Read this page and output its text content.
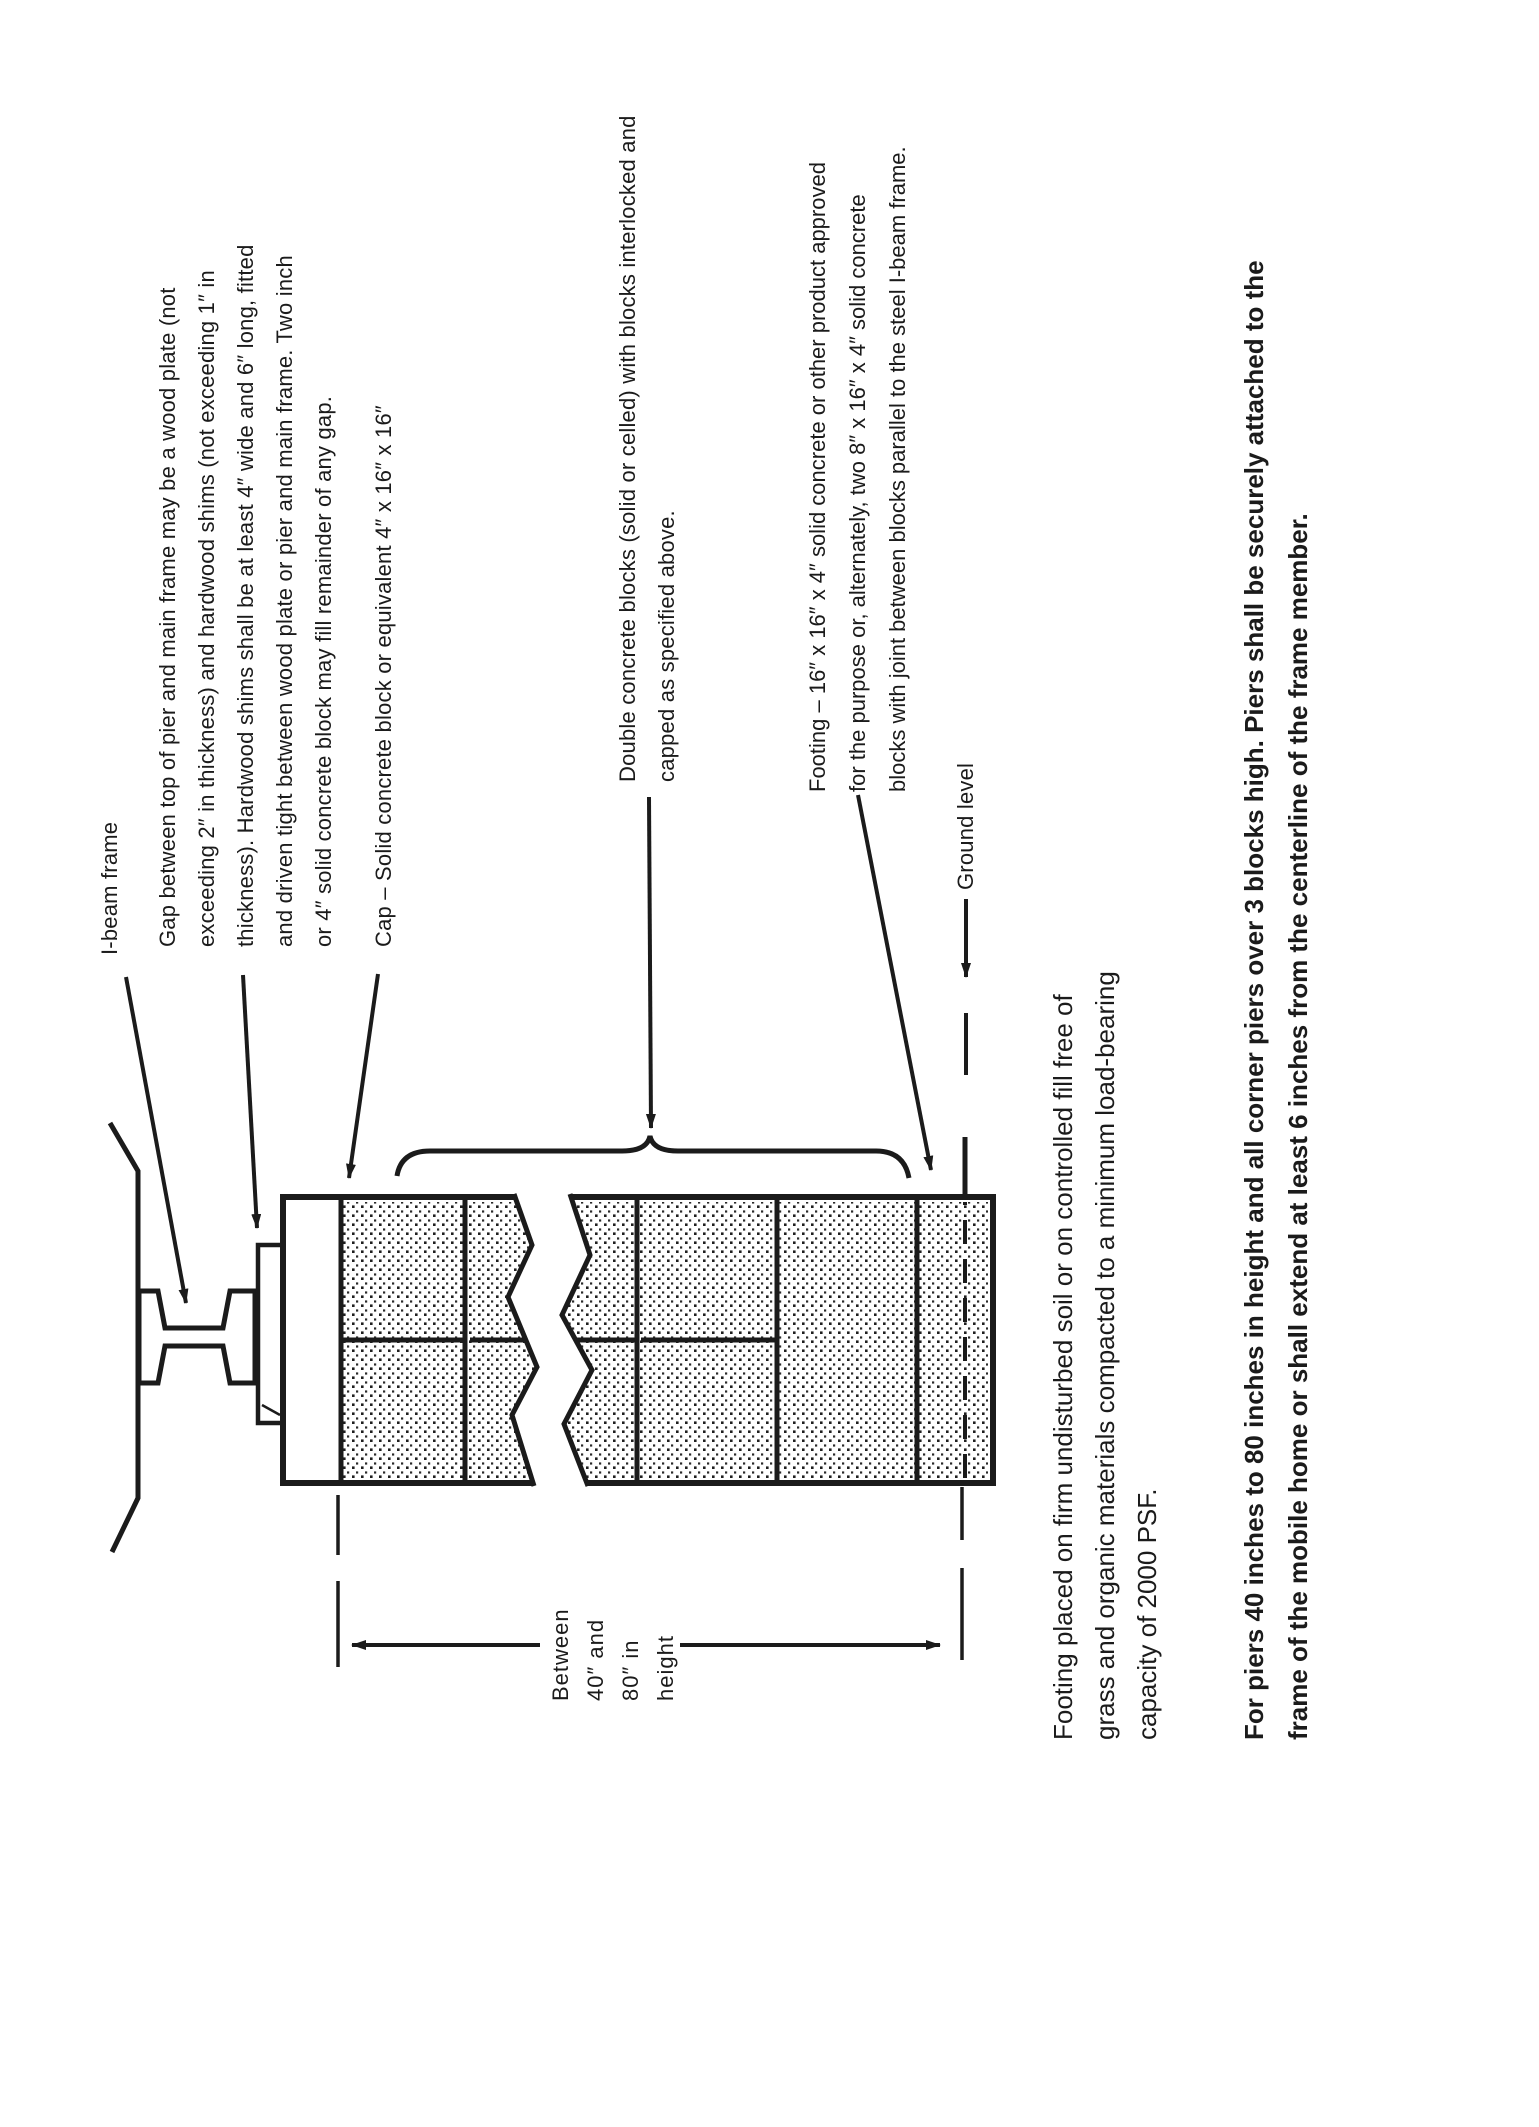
I-beam frame	Gap between top of pier and main frame may be a wood plate (not exceeding 2″ in thickness) and hardwood shims (not exceeding 1″ in thickness). Hardwood shims shall be at least 4″ wide and 6″ long, fitted and driven tight between wood plate or pier and main frame. Two inch or 4″ solid concrete block may fill remainder of any gap.	Cap – Solid concrete block or equivalent 4″ x 16″ x 16″	Double concrete blocks (solid or celled) with blocks interlocked and capped as specified above.	Footing – 16″ x 16″ x 4″ solid concrete or other product approved for the purpose or, alternately, two 8″ x 16″ x 4″ solid concrete blocks with joint between blocks parallel to the steel I-beam frame.
Ground level
Between 40″ and 80″ in height	Footing placed on firm undisturbed soil or on controlled fill free of grass and organic materials compacted to a minimum load-bearing capacity of 2000 PSF.	For piers 40 inches to 80 inches in height and all corner piers over 3 blocks high. Piers shall be securely attached to the frame of the mobile home or shall extend at least 6 inches from the centerline of the frame member.
